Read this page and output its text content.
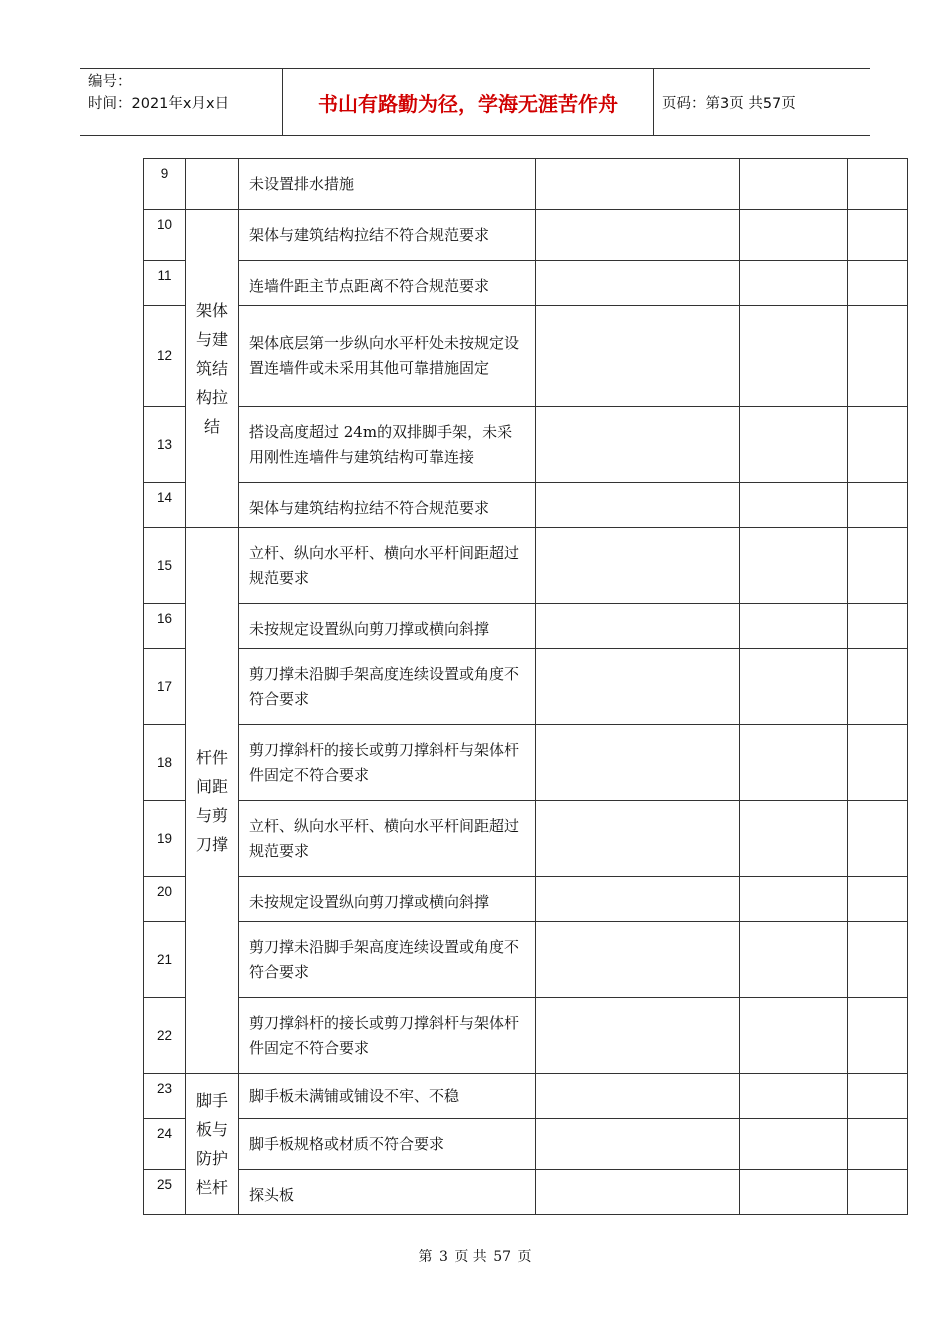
编号：
时间：2021年x月x日	书山有路勤为径，学海无涯苦作舟	页码：第3页 共57页
9		未设置排水措施			
10	架体
与建
筑结
构拉
结	架体与建筑结构拉结不符合规范要求			
11		连墙件距主节点距离不符合规范要求			
12		架体底层第一步纵向水平杆处未按规定设置连墙件或未采用其他可靠措施固定			
13		搭设高度超过 24m的双排脚手架，未采用刚性连墙件与建筑结构可靠连接			
14		架体与建筑结构拉结不符合规范要求			
15	杆件
间距
与剪
刀撑	立杆、纵向水平杆、横向水平杆间距超过规范要求			
16		未按规定设置纵向剪刀撑或横向斜撑			
17		剪刀撑未沿脚手架高度连续设置或角度不符合要求			
18		剪刀撑斜杆的接长或剪刀撑斜杆与架体杆件固定不符合要求			
19		立杆、纵向水平杆、横向水平杆间距超过规范要求			
20		未按规定设置纵向剪刀撑或横向斜撑			
21		剪刀撑未沿脚手架高度连续设置或角度不符合要求			
22		剪刀撑斜杆的接长或剪刀撑斜杆与架体杆件固定不符合要求			
23	脚手
板与
防护
栏杆	脚手板未满铺或铺设不牢、不稳			
24		脚手板规格或材质不符合要求			
25		探头板			
第 3 页 共 57 页
